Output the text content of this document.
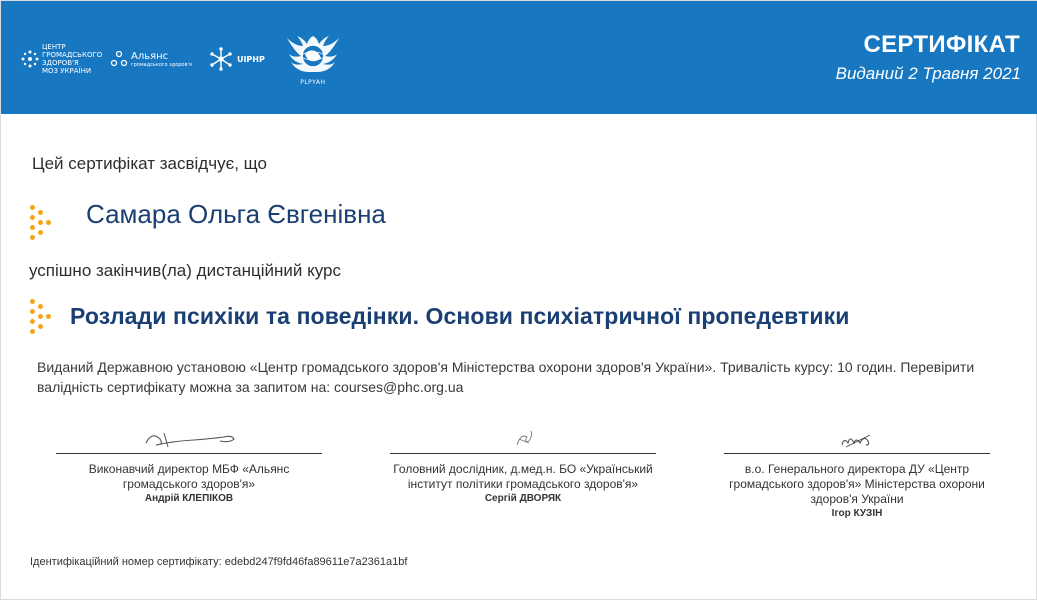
ЦЕНТР ГРОМАДСЬКОГО ЗДОРОВ'Я МОЗ УКРАЇНИ
Альянс
громадського здоров'я
UIPHP
PLPYAH
СЕРТИФІКАТ
Виданий 2 Травня 2021
Цей сертифікат засвідчує, що
Самара Ольга Євгенівна
успішно закінчив(ла) дистанційний курс
Розлади психіки та поведінки. Основи психіатричної пропедевтики
Виданий Державною установою «Центр громадського здоров'я Міністерства охорони здоров'я України». Тривалість курсу: 10 годин. Перевірити валідність сертифікату можна за запитом на: courses@phc.org.ua
Виконавчий директор МБФ «Альянс громадського здоров'я»
Андрій КЛЕПІКОВ
Головний дослідник, д.мед.н. БО «Український інститут політики громадського здоров'я»
Сергій ДВОРЯК
в.о. Генерального директора ДУ «Центр громадського здоров'я» Міністерства охорони здоров'я України
Ігор КУЗІН
Ідентифікаційний номер сертифікату: edebd247f9fd46fa89611e7a2361a1bf
